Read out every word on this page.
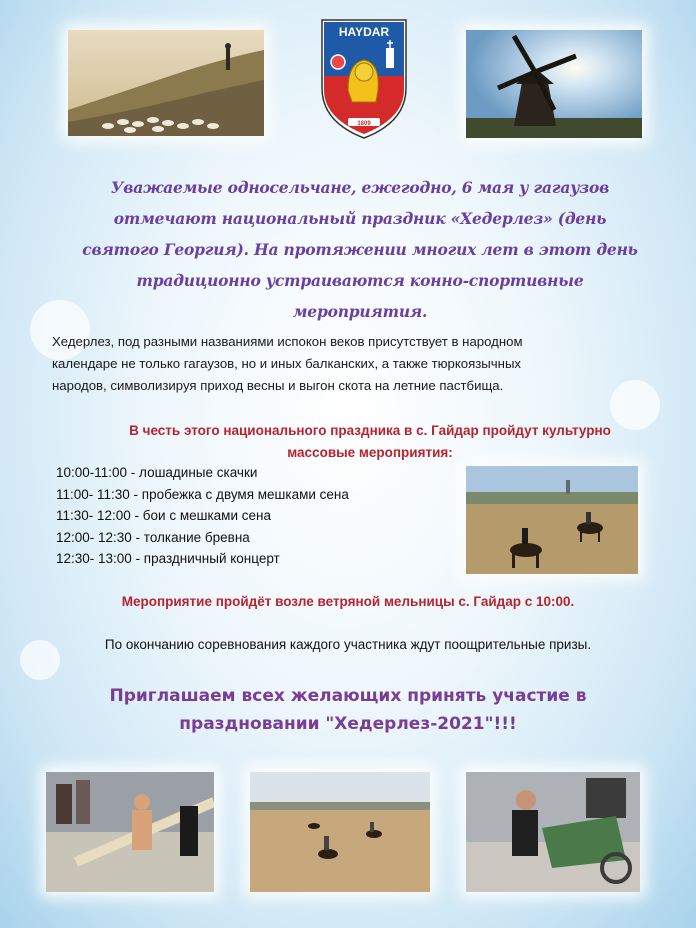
HAYDAR
1809
Уважаемые односельчане, ежегодно, 6 мая у гагаузов
отмечают национальный праздник «Хедерлез» (день
святого Георгия). На протяжении многих лет в этот день
традиционно устраиваются конно-спортивные
мероприятия.
Хедерлез, под разными названиями испокон веков присутствует в народном
календаре не только гагаузов, но и иных балканских, а также тюркоязычных
народов, символизируя приход весны и выгон скота на летние пастбища.
В честь этого национального праздника в с. Гайдар пройдут культурно
массовые мероприятия:
10:00-11:00 - лошадиные скачки
11:00- 11:30 - пробежка с двумя мешками сена
11:30- 12:00 - бои с мешками сена
12:00- 12:30 - толкание бревна
12:30- 13:00 - праздничный концерт
Мероприятие пройдёт возле ветряной мельницы с. Гайдар с 10:00.
По окончанию соревнования каждого участника ждут поощрительные призы.
Приглашаем всех желающих принять участие в
праздновании "Хедерлез-2021"!!!
